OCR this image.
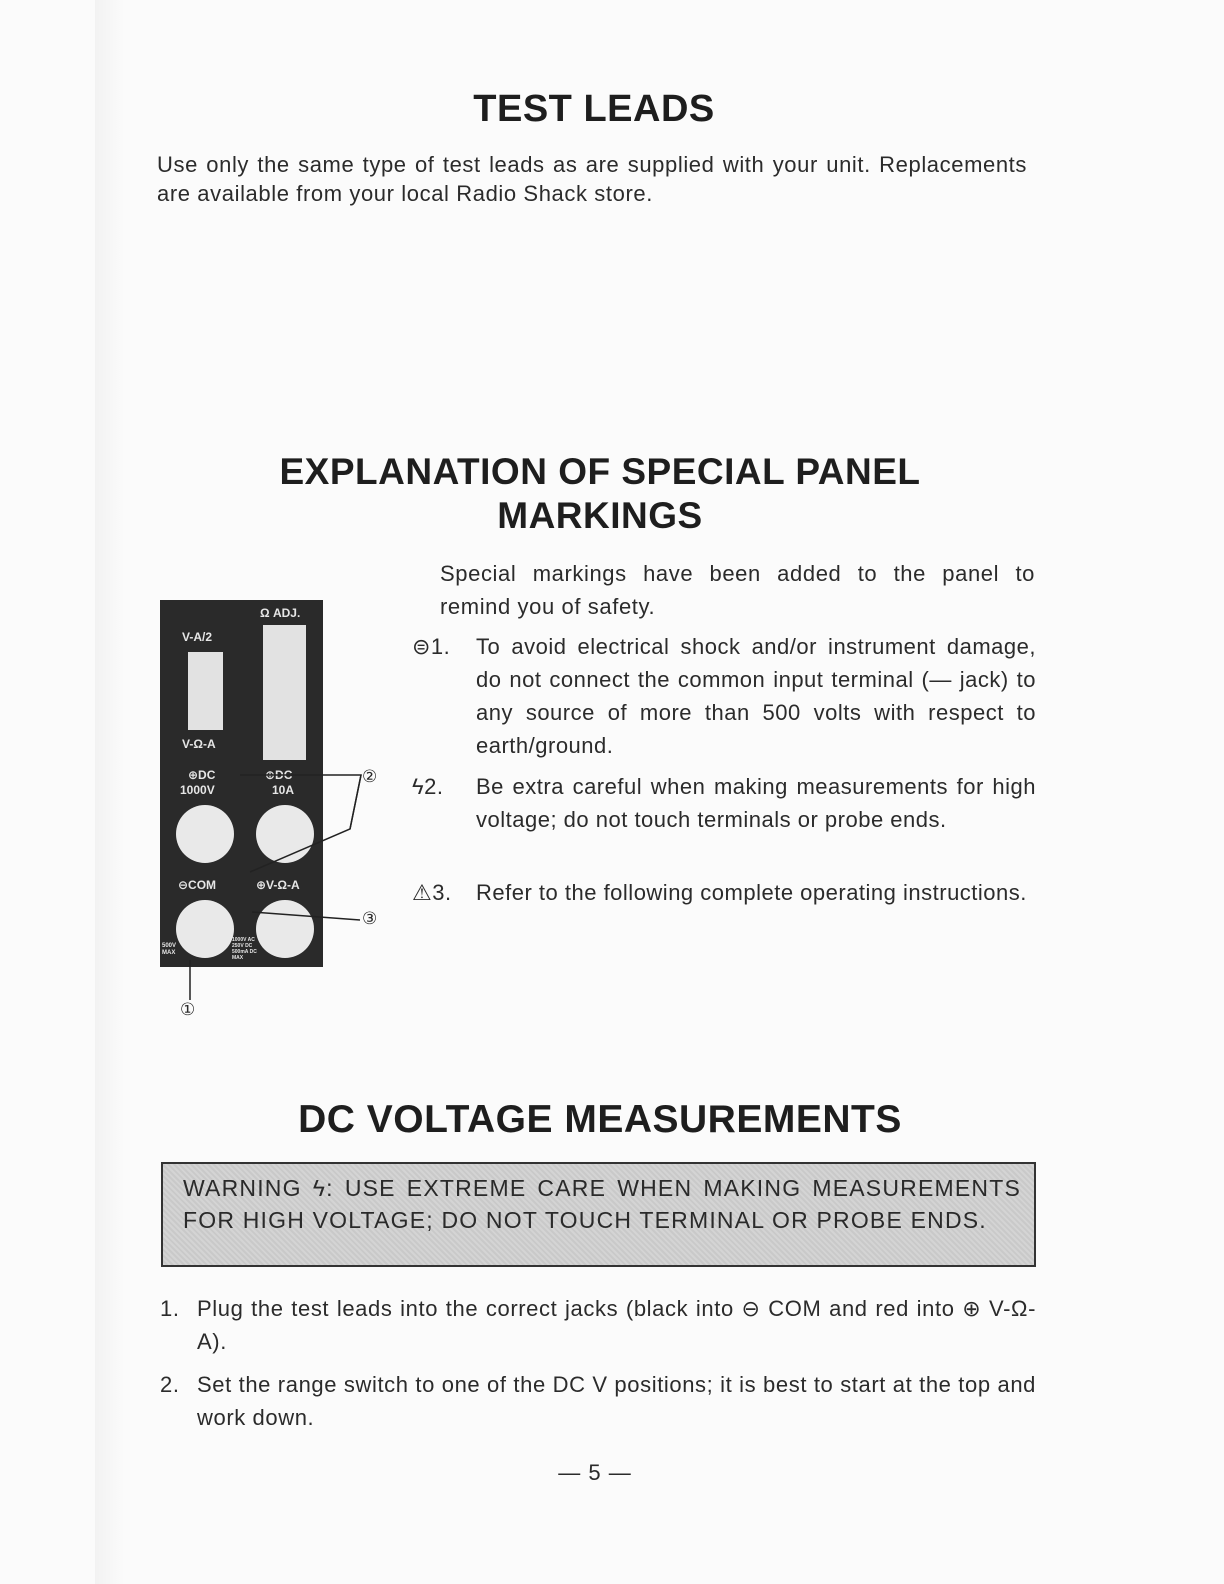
TEST LEADS

Use only the same type of test leads as are supplied with your unit. Replacements are available from your local Radio Shack store.

EXPLANATION OF SPECIAL PANEL MARKINGS

Special markings have been added to the panel to remind you of safety.

⊜1.	To avoid electrical shock and/or instrument damage, do not connect the common input terminal (— jack) to any source of more than 500 volts with respect to earth/ground.
ϟ2.	Be extra careful when making measurements for high voltage; do not touch terminals or probe ends.
⚠3.	Refer to the following complete operating instructions.
Ω ADJ.
V-A/2
V-Ω-A
⊕DC
1000V
⊕DC
10A
⊖COM	⊕V-Ω-A
500V MAX
1000V AC 250V DC 500mA DC MAX
②
③
①
DC VOLTAGE MEASUREMENTS
WARNING ϟ: USE EXTREME CARE WHEN MAKING MEASUREMENTS FOR HIGH VOLTAGE; DO NOT TOUCH TERMINAL OR PROBE ENDS.
1. Plug the test leads into the correct jacks (black into ⊖ COM and red into ⊕ V-Ω-A).
2. Set the range switch to one of the DC V positions; it is best to start at the top and work down.
— 5 —
